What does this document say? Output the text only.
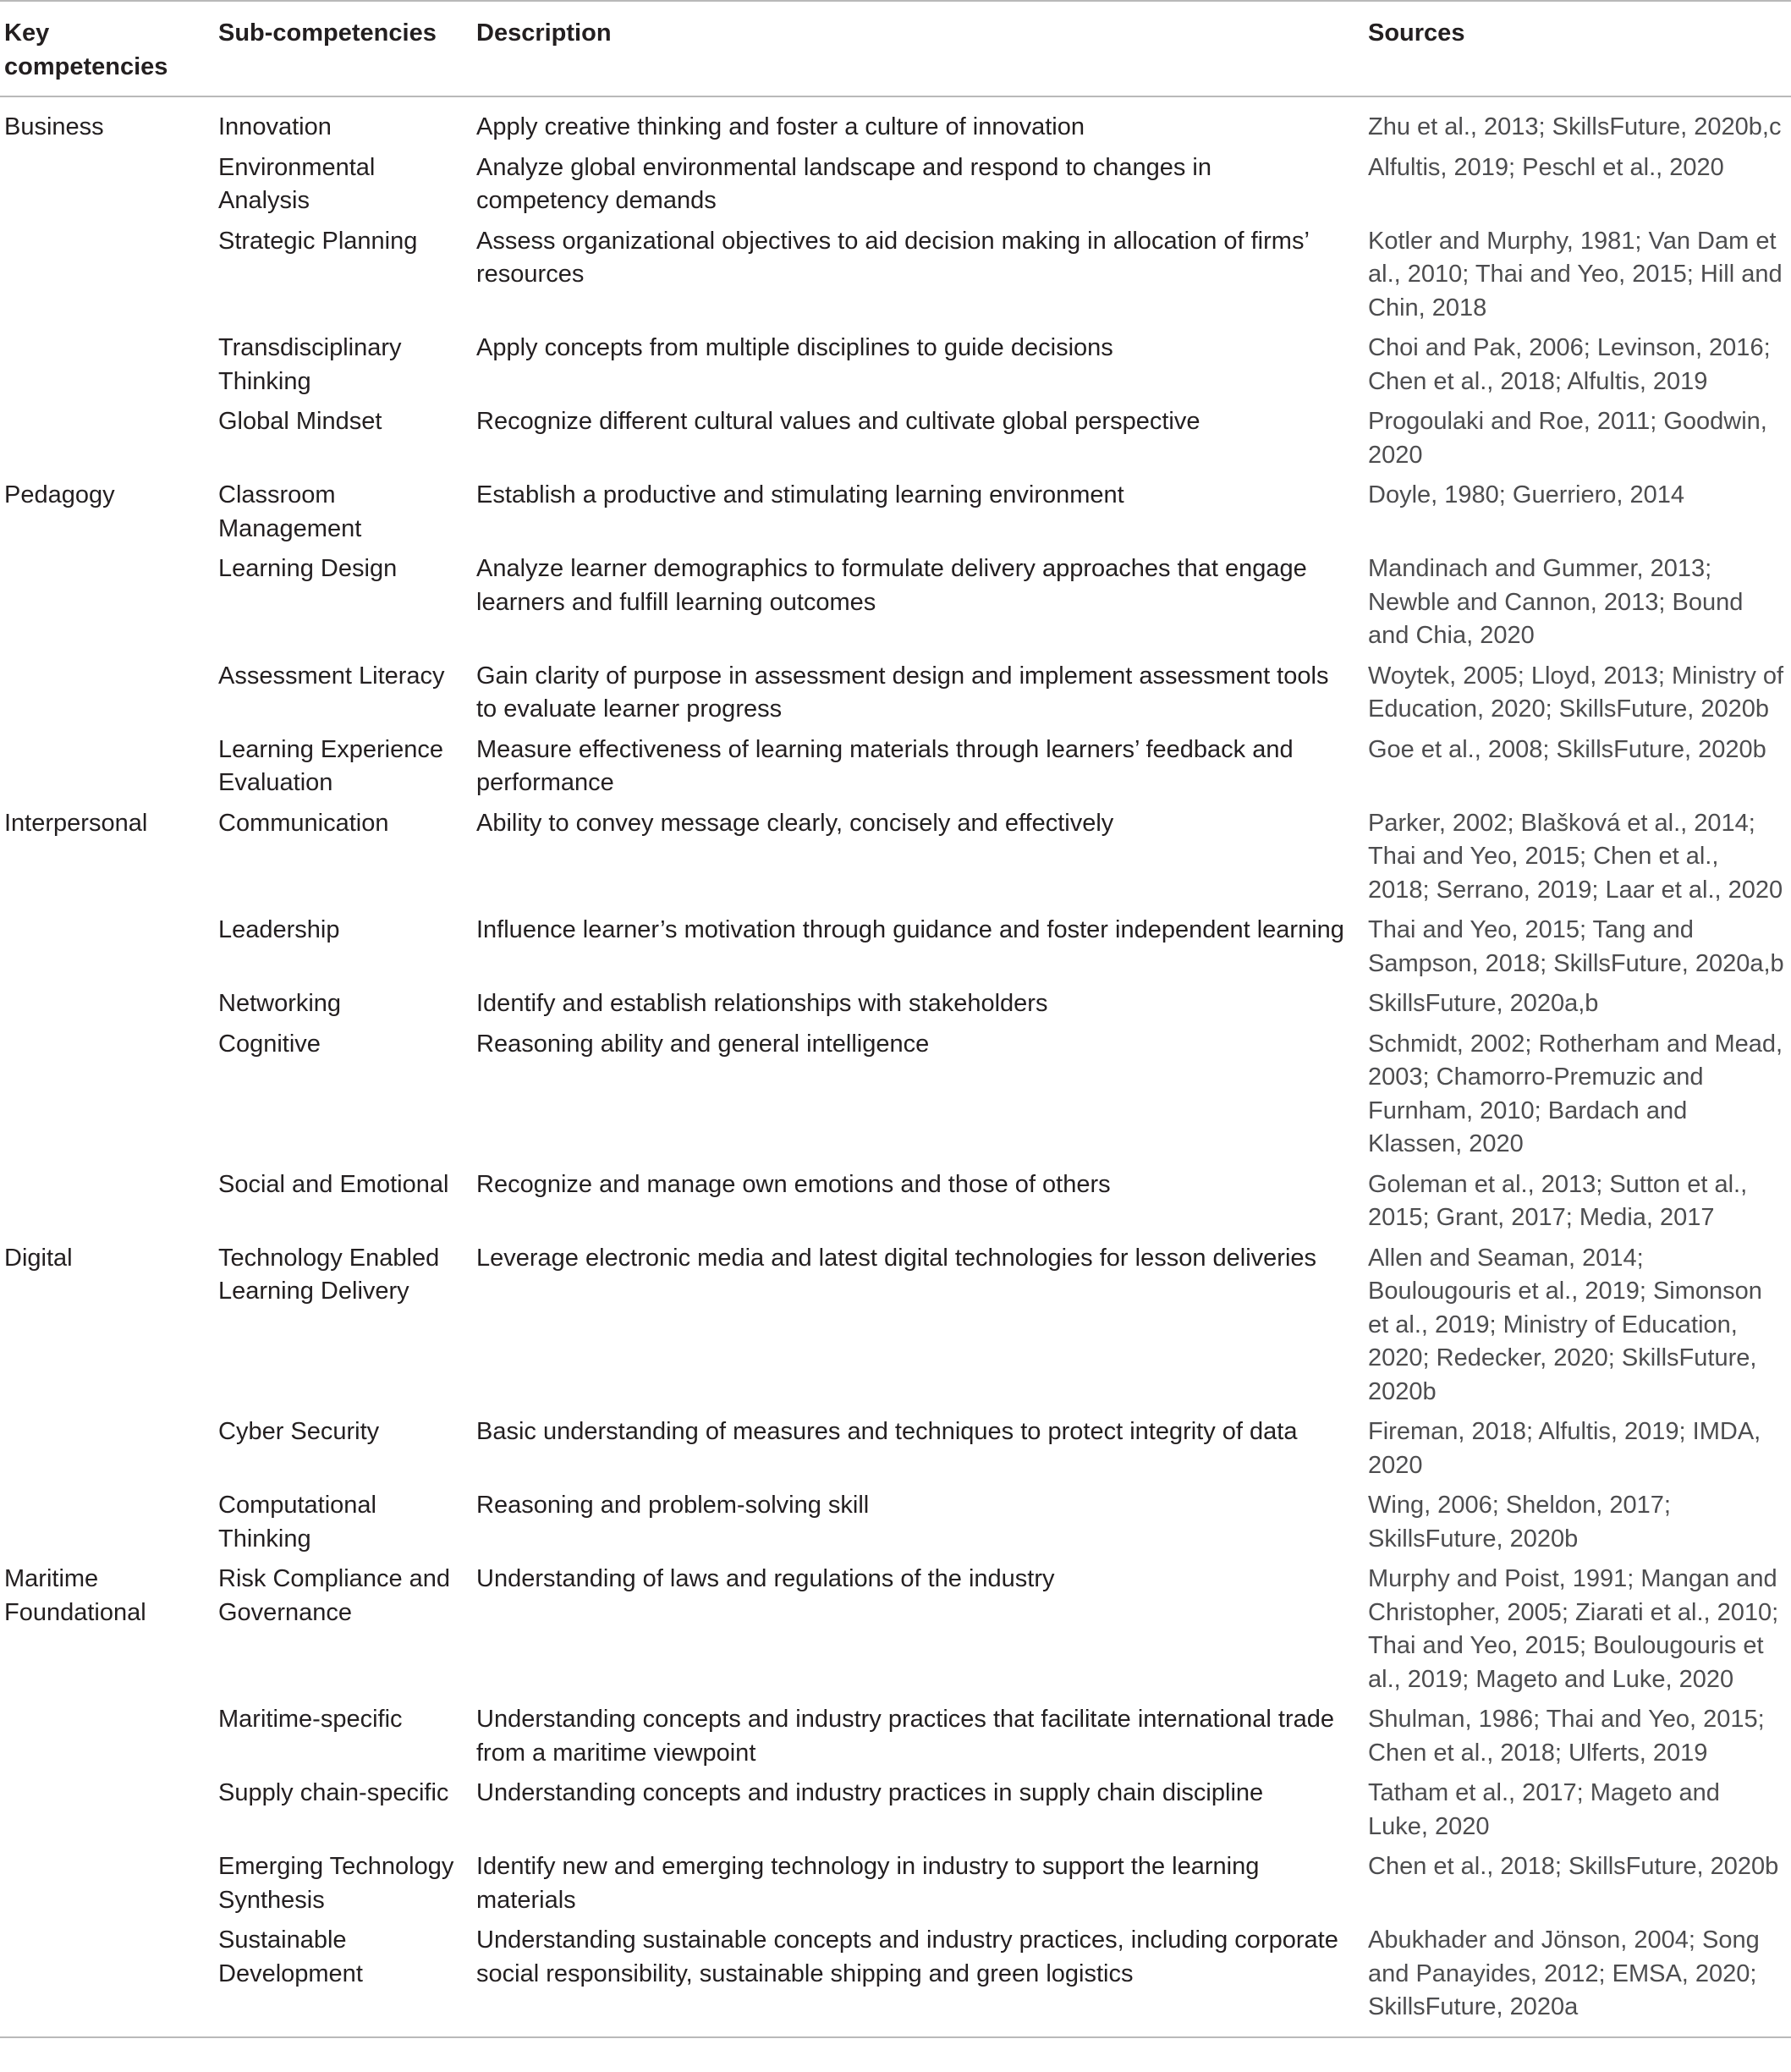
Key competencies	Sub-competencies	Description	Sources
Business	Innovation	Apply creative thinking and foster a culture of innovation	Zhu et al., 2013; SkillsFuture, 2020b,c
	Environmental Analysis	Analyze global environmental landscape and respond to changes in competency demands	Alfultis, 2019; Peschl et al., 2020
	Strategic Planning	Assess organizational objectives to aid decision making in allocation of firms’ resources	Kotler and Murphy, 1981; Van Dam et al., 2010; Thai and Yeo, 2015; Hill and Chin, 2018
	Transdisciplinary Thinking	Apply concepts from multiple disciplines to guide decisions	Choi and Pak, 2006; Levinson, 2016; Chen et al., 2018; Alfultis, 2019
	Global Mindset	Recognize different cultural values and cultivate global perspective	Progoulaki and Roe, 2011; Goodwin, 2020
Pedagogy	Classroom Management	Establish a productive and stimulating learning environment	Doyle, 1980; Guerriero, 2014
	Learning Design	Analyze learner demographics to formulate delivery approaches that engage learners and fulfill learning outcomes	Mandinach and Gummer, 2013; Newble and Cannon, 2013; Bound and Chia, 2020
	Assessment Literacy	Gain clarity of purpose in assessment design and implement assessment tools to evaluate learner progress	Woytek, 2005; Lloyd, 2013; Ministry of Education, 2020; SkillsFuture, 2020b
	Learning Experience Evaluation	Measure effectiveness of learning materials through learners’ feedback and performance	Goe et al., 2008; SkillsFuture, 2020b
Interpersonal	Communication	Ability to convey message clearly, concisely and effectively	Parker, 2002; Blašková et al., 2014; Thai and Yeo, 2015; Chen et al., 2018; Serrano, 2019; Laar et al., 2020
	Leadership	Influence learner’s motivation through guidance and foster independent learning	Thai and Yeo, 2015; Tang and Sampson, 2018; SkillsFuture, 2020a,b
	Networking	Identify and establish relationships with stakeholders	SkillsFuture, 2020a,b
	Cognitive	Reasoning ability and general intelligence	Schmidt, 2002; Rotherham and Mead, 2003; Chamorro-Premuzic and Furnham, 2010; Bardach and Klassen, 2020
	Social and Emotional	Recognize and manage own emotions and those of others	Goleman et al., 2013; Sutton et al., 2015; Grant, 2017; Media, 2017
Digital	Technology Enabled Learning Delivery	Leverage electronic media and latest digital technologies for lesson deliveries	Allen and Seaman, 2014; Boulougouris et al., 2019; Simonson et al., 2019; Ministry of Education, 2020; Redecker, 2020; SkillsFuture, 2020b
	Cyber Security	Basic understanding of measures and techniques to protect integrity of data	Fireman, 2018; Alfultis, 2019; IMDA, 2020
	Computational Thinking	Reasoning and problem-solving skill	Wing, 2006; Sheldon, 2017; SkillsFuture, 2020b
Maritime Foundational	Risk Compliance and Governance	Understanding of laws and regulations of the industry	Murphy and Poist, 1991; Mangan and Christopher, 2005; Ziarati et al., 2010; Thai and Yeo, 2015; Boulougouris et al., 2019; Mageto and Luke, 2020
	Maritime-specific	Understanding concepts and industry practices that facilitate international trade from a maritime viewpoint	Shulman, 1986; Thai and Yeo, 2015; Chen et al., 2018; Ulferts, 2019
	Supply chain-specific	Understanding concepts and industry practices in supply chain discipline	Tatham et al., 2017; Mageto and Luke, 2020
	Emerging Technology Synthesis	Identify new and emerging technology in industry to support the learning materials	Chen et al., 2018; SkillsFuture, 2020b
	Sustainable Development	Understanding sustainable concepts and industry practices, including corporate social responsibility, sustainable shipping and green logistics	Abukhader and Jönson, 2004; Song and Panayides, 2012; EMSA, 2020; SkillsFuture, 2020a
